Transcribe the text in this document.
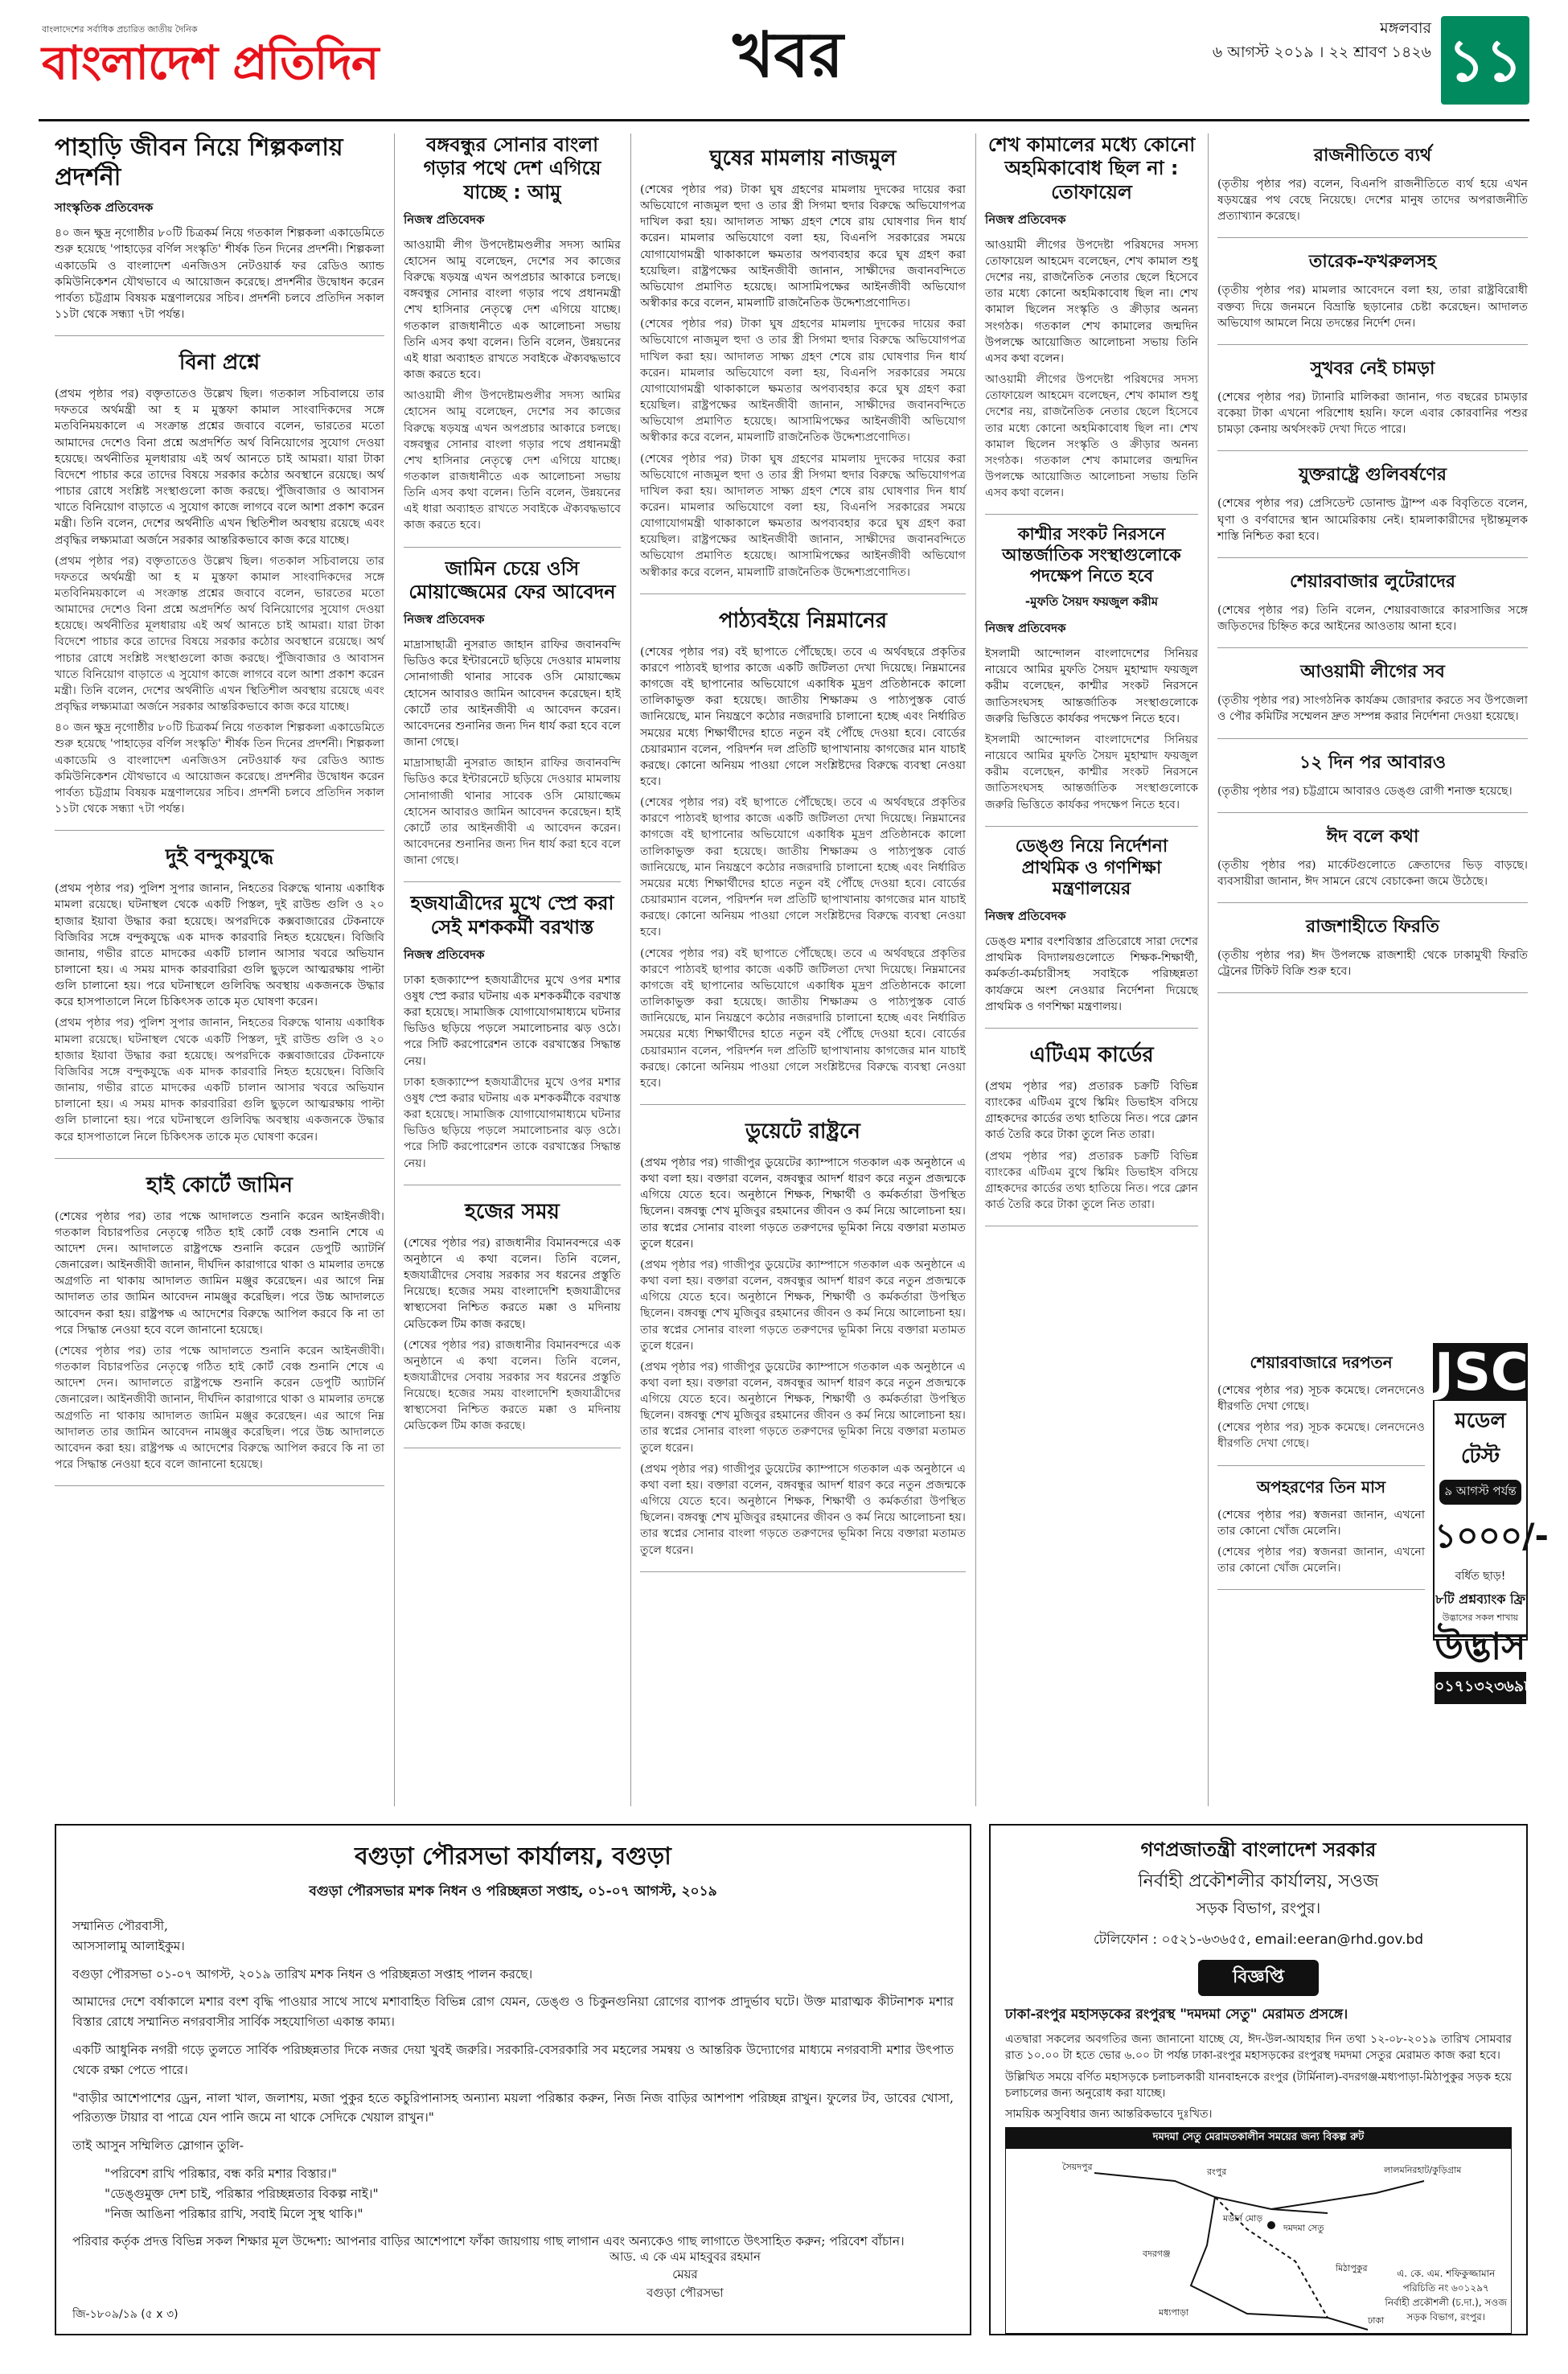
বাংলাদেশের সর্বাধিক প্রচারিত জাতীয় দৈনিক
বাংলাদেশ প্রতিদিন	খবর	মঙ্গলবার
৬ আগস্ট ২০১৯ । ২২ শ্রাবণ ১৪২৬ ১১
পাহাড়ি জীবন নিয়ে শিল্পকলায় প্রদর্শনী
সাংস্কৃতিক প্রতিবেদক

৪০ জন ক্ষুদ্র নৃগোষ্ঠীর ৮০টি চিত্রকর্ম নিয়ে গতকাল শিল্পকলা একাডেমিতে শুরু হয়েছে 'পাহাড়ের বর্ণিল সংস্কৃতি' শীর্ষক তিন দিনের প্রদর্শনী। শিল্পকলা একাডেমি ও বাংলাদেশ এনজিওস নেটওয়ার্ক ফর রেডিও অ্যান্ড কমিউনিকেশন যৌথভাবে এ আয়োজন করেছে। প্রদর্শনীর উদ্বোধন করেন পার্বত্য চট্টগ্রাম বিষয়ক মন্ত্রণালয়ের সচিব। প্রদর্শনী চলবে প্রতিদিন সকাল ১১টা থেকে সন্ধ্যা ৭টা পর্যন্ত।

বিনা প্রশ্নে

(প্রথম পৃষ্ঠার পর) বক্তৃতাতেও উল্লেখ ছিল। গতকাল সচিবালয়ে তার দফতরে অর্থমন্ত্রী আ হ ম মুস্তফা কামাল সাংবাদিকদের সঙ্গে মতবিনিময়কালে এ সংক্রান্ত প্রশ্নের জবাবে বলেন, ভারতের মতো আমাদের দেশেও বিনা প্রশ্নে অপ্রদর্শিত অর্থ বিনিয়োগের সুযোগ দেওয়া হয়েছে। অর্থনীতির মূলধারায় এই অর্থ আনতে চাই আমরা। যারা টাকা বিদেশে পাচার করে তাদের বিষয়ে সরকার কঠোর অবস্থানে রয়েছে। অর্থ পাচার রোধে সংশ্লিষ্ট সংস্থাগুলো কাজ করছে। পুঁজিবাজার ও আবাসন খাতে বিনিয়োগ বাড়াতে এ সুযোগ কাজে লাগবে বলে আশা প্রকাশ করেন মন্ত্রী। তিনি বলেন, দেশের অর্থনীতি এখন স্থিতিশীল অবস্থায় রয়েছে এবং প্রবৃদ্ধির লক্ষ্যমাত্রা অর্জনে সরকার আন্তরিকভাবে কাজ করে যাচ্ছে।

(প্রথম পৃষ্ঠার পর) বক্তৃতাতেও উল্লেখ ছিল। গতকাল সচিবালয়ে তার দফতরে অর্থমন্ত্রী আ হ ম মুস্তফা কামাল সাংবাদিকদের সঙ্গে মতবিনিময়কালে এ সংক্রান্ত প্রশ্নের জবাবে বলেন, ভারতের মতো আমাদের দেশেও বিনা প্রশ্নে অপ্রদর্শিত অর্থ বিনিয়োগের সুযোগ দেওয়া হয়েছে। অর্থনীতির মূলধারায় এই অর্থ আনতে চাই আমরা। যারা টাকা বিদেশে পাচার করে তাদের বিষয়ে সরকার কঠোর অবস্থানে রয়েছে। অর্থ পাচার রোধে সংশ্লিষ্ট সংস্থাগুলো কাজ করছে। পুঁজিবাজার ও আবাসন খাতে বিনিয়োগ বাড়াতে এ সুযোগ কাজে লাগবে বলে আশা প্রকাশ করেন মন্ত্রী। তিনি বলেন, দেশের অর্থনীতি এখন স্থিতিশীল অবস্থায় রয়েছে এবং প্রবৃদ্ধির লক্ষ্যমাত্রা অর্জনে সরকার আন্তরিকভাবে কাজ করে যাচ্ছে।

৪০ জন ক্ষুদ্র নৃগোষ্ঠীর ৮০টি চিত্রকর্ম নিয়ে গতকাল শিল্পকলা একাডেমিতে শুরু হয়েছে 'পাহাড়ের বর্ণিল সংস্কৃতি' শীর্ষক তিন দিনের প্রদর্শনী। শিল্পকলা একাডেমি ও বাংলাদেশ এনজিওস নেটওয়ার্ক ফর রেডিও অ্যান্ড কমিউনিকেশন যৌথভাবে এ আয়োজন করেছে। প্রদর্শনীর উদ্বোধন করেন পার্বত্য চট্টগ্রাম বিষয়ক মন্ত্রণালয়ের সচিব। প্রদর্শনী চলবে প্রতিদিন সকাল ১১টা থেকে সন্ধ্যা ৭টা পর্যন্ত।

দুই বন্দুকযুদ্ধে

(প্রথম পৃষ্ঠার পর) পুলিশ সুপার জানান, নিহতের বিরুদ্ধে থানায় একাধিক মামলা রয়েছে। ঘটনাস্থল থেকে একটি পিস্তল, দুই রাউন্ড গুলি ও ২০ হাজার ইয়াবা উদ্ধার করা হয়েছে। অপরদিকে কক্সবাজারের টেকনাফে বিজিবির সঙ্গে বন্দুকযুদ্ধে এক মাদক কারবারি নিহত হয়েছেন। বিজিবি জানায়, গভীর রাতে মাদকের একটি চালান আসার খবরে অভিযান চালানো হয়। এ সময় মাদক কারবারিরা গুলি ছুড়লে আত্মরক্ষায় পাল্টা গুলি চালানো হয়। পরে ঘটনাস্থলে গুলিবিদ্ধ অবস্থায় একজনকে উদ্ধার করে হাসপাতালে নিলে চিকিৎসক তাকে মৃত ঘোষণা করেন।

(প্রথম পৃষ্ঠার পর) পুলিশ সুপার জানান, নিহতের বিরুদ্ধে থানায় একাধিক মামলা রয়েছে। ঘটনাস্থল থেকে একটি পিস্তল, দুই রাউন্ড গুলি ও ২০ হাজার ইয়াবা উদ্ধার করা হয়েছে। অপরদিকে কক্সবাজারের টেকনাফে বিজিবির সঙ্গে বন্দুকযুদ্ধে এক মাদক কারবারি নিহত হয়েছেন। বিজিবি জানায়, গভীর রাতে মাদকের একটি চালান আসার খবরে অভিযান চালানো হয়। এ সময় মাদক কারবারিরা গুলি ছুড়লে আত্মরক্ষায় পাল্টা গুলি চালানো হয়। পরে ঘটনাস্থলে গুলিবিদ্ধ অবস্থায় একজনকে উদ্ধার করে হাসপাতালে নিলে চিকিৎসক তাকে মৃত ঘোষণা করেন।

হাই কোর্টে জামিন

(শেষের পৃষ্ঠার পর) তার পক্ষে আদালতে শুনানি করেন আইনজীবী। গতকাল বিচারপতির নেতৃত্বে গঠিত হাই কোর্ট বেঞ্চ শুনানি শেষে এ আদেশ দেন। আদালতে রাষ্ট্রপক্ষে শুনানি করেন ডেপুটি অ্যাটর্নি জেনারেল। আইনজীবী জানান, দীর্ঘদিন কারাগারে থাকা ও মামলার তদন্তে অগ্রগতি না থাকায় আদালত জামিন মঞ্জুর করেছেন। এর আগে নিম্ন আদালত তার জামিন আবেদন নামঞ্জুর করেছিল। পরে উচ্চ আদালতে আবেদন করা হয়। রাষ্ট্রপক্ষ এ আদেশের বিরুদ্ধে আপিল করবে কি না তা পরে সিদ্ধান্ত নেওয়া হবে বলে জানানো হয়েছে।

(শেষের পৃষ্ঠার পর) তার পক্ষে আদালতে শুনানি করেন আইনজীবী। গতকাল বিচারপতির নেতৃত্বে গঠিত হাই কোর্ট বেঞ্চ শুনানি শেষে এ আদেশ দেন। আদালতে রাষ্ট্রপক্ষে শুনানি করেন ডেপুটি অ্যাটর্নি জেনারেল। আইনজীবী জানান, দীর্ঘদিন কারাগারে থাকা ও মামলার তদন্তে অগ্রগতি না থাকায় আদালত জামিন মঞ্জুর করেছেন। এর আগে নিম্ন আদালত তার জামিন আবেদন নামঞ্জুর করেছিল। পরে উচ্চ আদালতে আবেদন করা হয়। রাষ্ট্রপক্ষ এ আদেশের বিরুদ্ধে আপিল করবে কি না তা পরে সিদ্ধান্ত নেওয়া হবে বলে জানানো হয়েছে।

বঙ্গবন্ধুর সোনার বাংলা গড়ার পথে দেশ এগিয়ে যাচ্ছে : আমু
নিজস্ব প্রতিবেদক

আওয়ামী লীগ উপদেষ্টামণ্ডলীর সদস্য আমির হোসেন আমু বলেছেন, দেশের সব কাজের বিরুদ্ধে ষড়যন্ত্র এখন অপপ্রচার আকারে চলছে। বঙ্গবন্ধুর সোনার বাংলা গড়ার পথে প্রধানমন্ত্রী শেখ হাসিনার নেতৃত্বে দেশ এগিয়ে যাচ্ছে। গতকাল রাজধানীতে এক আলোচনা সভায় তিনি এসব কথা বলেন। তিনি বলেন, উন্নয়নের এই ধারা অব্যাহত রাখতে সবাইকে ঐক্যবদ্ধভাবে কাজ করতে হবে।

আওয়ামী লীগ উপদেষ্টামণ্ডলীর সদস্য আমির হোসেন আমু বলেছেন, দেশের সব কাজের বিরুদ্ধে ষড়যন্ত্র এখন অপপ্রচার আকারে চলছে। বঙ্গবন্ধুর সোনার বাংলা গড়ার পথে প্রধানমন্ত্রী শেখ হাসিনার নেতৃত্বে দেশ এগিয়ে যাচ্ছে। গতকাল রাজধানীতে এক আলোচনা সভায় তিনি এসব কথা বলেন। তিনি বলেন, উন্নয়নের এই ধারা অব্যাহত রাখতে সবাইকে ঐক্যবদ্ধভাবে কাজ করতে হবে।

জামিন চেয়ে ওসি মোয়াজ্জেমের ফের আবেদন
নিজস্ব প্রতিবেদক

মাদ্রাসাছাত্রী নুসরাত জাহান রাফির জবানবন্দি ভিডিও করে ইন্টারনেটে ছড়িয়ে দেওয়ার মামলায় সোনাগাজী থানার সাবেক ওসি মোয়াজ্জেম হোসেন আবারও জামিন আবেদন করেছেন। হাই কোর্টে তার আইনজীবী এ আবেদন করেন। আবেদনের শুনানির জন্য দিন ধার্য করা হবে বলে জানা গেছে।

মাদ্রাসাছাত্রী নুসরাত জাহান রাফির জবানবন্দি ভিডিও করে ইন্টারনেটে ছড়িয়ে দেওয়ার মামলায় সোনাগাজী থানার সাবেক ওসি মোয়াজ্জেম হোসেন আবারও জামিন আবেদন করেছেন। হাই কোর্টে তার আইনজীবী এ আবেদন করেন। আবেদনের শুনানির জন্য দিন ধার্য করা হবে বলে জানা গেছে।

হজযাত্রীদের মুখে স্প্রে করা সেই মশককর্মী বরখাস্ত
নিজস্ব প্রতিবেদক

ঢাকা হজক্যাম্পে হজযাত্রীদের মুখে ওপর মশার ওষুধ স্প্রে করার ঘটনায় এক মশককর্মীকে বরখাস্ত করা হয়েছে। সামাজিক যোগাযোগমাধ্যমে ঘটনার ভিডিও ছড়িয়ে পড়লে সমালোচনার ঝড় ওঠে। পরে সিটি করপোরেশন তাকে বরখাস্তের সিদ্ধান্ত নেয়।

ঢাকা হজক্যাম্পে হজযাত্রীদের মুখে ওপর মশার ওষুধ স্প্রে করার ঘটনায় এক মশককর্মীকে বরখাস্ত করা হয়েছে। সামাজিক যোগাযোগমাধ্যমে ঘটনার ভিডিও ছড়িয়ে পড়লে সমালোচনার ঝড় ওঠে। পরে সিটি করপোরেশন তাকে বরখাস্তের সিদ্ধান্ত নেয়।

হজের সময়

(শেষের পৃষ্ঠার পর) রাজধানীর বিমানবন্দরে এক অনুষ্ঠানে এ কথা বলেন। তিনি বলেন, হজযাত্রীদের সেবায় সরকার সব ধরনের প্রস্তুতি নিয়েছে। হজের সময় বাংলাদেশি হজযাত্রীদের স্বাস্থ্যসেবা নিশ্চিত করতে মক্কা ও মদিনায় মেডিকেল টিম কাজ করছে।

(শেষের পৃষ্ঠার পর) রাজধানীর বিমানবন্দরে এক অনুষ্ঠানে এ কথা বলেন। তিনি বলেন, হজযাত্রীদের সেবায় সরকার সব ধরনের প্রস্তুতি নিয়েছে। হজের সময় বাংলাদেশি হজযাত্রীদের স্বাস্থ্যসেবা নিশ্চিত করতে মক্কা ও মদিনায় মেডিকেল টিম কাজ করছে।

ঘুষের মামলায় নাজমুল

(শেষের পৃষ্ঠার পর) টাকা ঘুষ গ্রহণের মামলায় দুদকের দায়ের করা অভিযোগে নাজমুল হুদা ও তার স্ত্রী সিগমা হুদার বিরুদ্ধে অভিযোগপত্র দাখিল করা হয়। আদালত সাক্ষ্য গ্রহণ শেষে রায় ঘোষণার দিন ধার্য করেন। মামলার অভিযোগে বলা হয়, বিএনপি সরকারের সময়ে যোগাযোগমন্ত্রী থাকাকালে ক্ষমতার অপব্যবহার করে ঘুষ গ্রহণ করা হয়েছিল। রাষ্ট্রপক্ষের আইনজীবী জানান, সাক্ষীদের জবানবন্দিতে অভিযোগ প্রমাণিত হয়েছে। আসামিপক্ষের আইনজীবী অভিযোগ অস্বীকার করে বলেন, মামলাটি রাজনৈতিক উদ্দেশ্যপ্রণোদিত।

(শেষের পৃষ্ঠার পর) টাকা ঘুষ গ্রহণের মামলায় দুদকের দায়ের করা অভিযোগে নাজমুল হুদা ও তার স্ত্রী সিগমা হুদার বিরুদ্ধে অভিযোগপত্র দাখিল করা হয়। আদালত সাক্ষ্য গ্রহণ শেষে রায় ঘোষণার দিন ধার্য করেন। মামলার অভিযোগে বলা হয়, বিএনপি সরকারের সময়ে যোগাযোগমন্ত্রী থাকাকালে ক্ষমতার অপব্যবহার করে ঘুষ গ্রহণ করা হয়েছিল। রাষ্ট্রপক্ষের আইনজীবী জানান, সাক্ষীদের জবানবন্দিতে অভিযোগ প্রমাণিত হয়েছে। আসামিপক্ষের আইনজীবী অভিযোগ অস্বীকার করে বলেন, মামলাটি রাজনৈতিক উদ্দেশ্যপ্রণোদিত।

(শেষের পৃষ্ঠার পর) টাকা ঘুষ গ্রহণের মামলায় দুদকের দায়ের করা অভিযোগে নাজমুল হুদা ও তার স্ত্রী সিগমা হুদার বিরুদ্ধে অভিযোগপত্র দাখিল করা হয়। আদালত সাক্ষ্য গ্রহণ শেষে রায় ঘোষণার দিন ধার্য করেন। মামলার অভিযোগে বলা হয়, বিএনপি সরকারের সময়ে যোগাযোগমন্ত্রী থাকাকালে ক্ষমতার অপব্যবহার করে ঘুষ গ্রহণ করা হয়েছিল। রাষ্ট্রপক্ষের আইনজীবী জানান, সাক্ষীদের জবানবন্দিতে অভিযোগ প্রমাণিত হয়েছে। আসামিপক্ষের আইনজীবী অভিযোগ অস্বীকার করে বলেন, মামলাটি রাজনৈতিক উদ্দেশ্যপ্রণোদিত।

পাঠ্যবইয়ে নিম্নমানের

(শেষের পৃষ্ঠার পর) বই ছাপাতে পৌঁছেছে। তবে এ অর্থবছরে প্রকৃতির কারণে পাঠ্যবই ছাপার কাজে একটি জটিলতা দেখা দিয়েছে। নিম্নমানের কাগজে বই ছাপানোর অভিযোগে একাধিক মুদ্রণ প্রতিষ্ঠানকে কালো তালিকাভুক্ত করা হয়েছে। জাতীয় শিক্ষাক্রম ও পাঠ্যপুস্তক বোর্ড জানিয়েছে, মান নিয়ন্ত্রণে কঠোর নজরদারি চালানো হচ্ছে এবং নির্ধারিত সময়ের মধ্যে শিক্ষার্থীদের হাতে নতুন বই পৌঁছে দেওয়া হবে। বোর্ডের চেয়ারম্যান বলেন, পরিদর্শন দল প্রতিটি ছাপাখানায় কাগজের মান যাচাই করছে। কোনো অনিয়ম পাওয়া গেলে সংশ্লিষ্টদের বিরুদ্ধে ব্যবস্থা নেওয়া হবে।

(শেষের পৃষ্ঠার পর) বই ছাপাতে পৌঁছেছে। তবে এ অর্থবছরে প্রকৃতির কারণে পাঠ্যবই ছাপার কাজে একটি জটিলতা দেখা দিয়েছে। নিম্নমানের কাগজে বই ছাপানোর অভিযোগে একাধিক মুদ্রণ প্রতিষ্ঠানকে কালো তালিকাভুক্ত করা হয়েছে। জাতীয় শিক্ষাক্রম ও পাঠ্যপুস্তক বোর্ড জানিয়েছে, মান নিয়ন্ত্রণে কঠোর নজরদারি চালানো হচ্ছে এবং নির্ধারিত সময়ের মধ্যে শিক্ষার্থীদের হাতে নতুন বই পৌঁছে দেওয়া হবে। বোর্ডের চেয়ারম্যান বলেন, পরিদর্শন দল প্রতিটি ছাপাখানায় কাগজের মান যাচাই করছে। কোনো অনিয়ম পাওয়া গেলে সংশ্লিষ্টদের বিরুদ্ধে ব্যবস্থা নেওয়া হবে।

(শেষের পৃষ্ঠার পর) বই ছাপাতে পৌঁছেছে। তবে এ অর্থবছরে প্রকৃতির কারণে পাঠ্যবই ছাপার কাজে একটি জটিলতা দেখা দিয়েছে। নিম্নমানের কাগজে বই ছাপানোর অভিযোগে একাধিক মুদ্রণ প্রতিষ্ঠানকে কালো তালিকাভুক্ত করা হয়েছে। জাতীয় শিক্ষাক্রম ও পাঠ্যপুস্তক বোর্ড জানিয়েছে, মান নিয়ন্ত্রণে কঠোর নজরদারি চালানো হচ্ছে এবং নির্ধারিত সময়ের মধ্যে শিক্ষার্থীদের হাতে নতুন বই পৌঁছে দেওয়া হবে। বোর্ডের চেয়ারম্যান বলেন, পরিদর্শন দল প্রতিটি ছাপাখানায় কাগজের মান যাচাই করছে। কোনো অনিয়ম পাওয়া গেলে সংশ্লিষ্টদের বিরুদ্ধে ব্যবস্থা নেওয়া হবে।

ডুয়েটে রাষ্ট্রনে

(প্রথম পৃষ্ঠার পর) গাজীপুর ডুয়েটের ক্যাম্পাসে গতকাল এক অনুষ্ঠানে এ কথা বলা হয়। বক্তারা বলেন, বঙ্গবন্ধুর আদর্শ ধারণ করে নতুন প্রজন্মকে এগিয়ে যেতে হবে। অনুষ্ঠানে শিক্ষক, শিক্ষার্থী ও কর্মকর্তারা উপস্থিত ছিলেন। বঙ্গবন্ধু শেখ মুজিবুর রহমানের জীবন ও কর্ম নিয়ে আলোচনা হয়। তার স্বপ্নের সোনার বাংলা গড়তে তরুণদের ভূমিকা নিয়ে বক্তারা মতামত তুলে ধরেন।

(প্রথম পৃষ্ঠার পর) গাজীপুর ডুয়েটের ক্যাম্পাসে গতকাল এক অনুষ্ঠানে এ কথা বলা হয়। বক্তারা বলেন, বঙ্গবন্ধুর আদর্শ ধারণ করে নতুন প্রজন্মকে এগিয়ে যেতে হবে। অনুষ্ঠানে শিক্ষক, শিক্ষার্থী ও কর্মকর্তারা উপস্থিত ছিলেন। বঙ্গবন্ধু শেখ মুজিবুর রহমানের জীবন ও কর্ম নিয়ে আলোচনা হয়। তার স্বপ্নের সোনার বাংলা গড়তে তরুণদের ভূমিকা নিয়ে বক্তারা মতামত তুলে ধরেন।

(প্রথম পৃষ্ঠার পর) গাজীপুর ডুয়েটের ক্যাম্পাসে গতকাল এক অনুষ্ঠানে এ কথা বলা হয়। বক্তারা বলেন, বঙ্গবন্ধুর আদর্শ ধারণ করে নতুন প্রজন্মকে এগিয়ে যেতে হবে। অনুষ্ঠানে শিক্ষক, শিক্ষার্থী ও কর্মকর্তারা উপস্থিত ছিলেন। বঙ্গবন্ধু শেখ মুজিবুর রহমানের জীবন ও কর্ম নিয়ে আলোচনা হয়। তার স্বপ্নের সোনার বাংলা গড়তে তরুণদের ভূমিকা নিয়ে বক্তারা মতামত তুলে ধরেন।

(প্রথম পৃষ্ঠার পর) গাজীপুর ডুয়েটের ক্যাম্পাসে গতকাল এক অনুষ্ঠানে এ কথা বলা হয়। বক্তারা বলেন, বঙ্গবন্ধুর আদর্শ ধারণ করে নতুন প্রজন্মকে এগিয়ে যেতে হবে। অনুষ্ঠানে শিক্ষক, শিক্ষার্থী ও কর্মকর্তারা উপস্থিত ছিলেন। বঙ্গবন্ধু শেখ মুজিবুর রহমানের জীবন ও কর্ম নিয়ে আলোচনা হয়। তার স্বপ্নের সোনার বাংলা গড়তে তরুণদের ভূমিকা নিয়ে বক্তারা মতামত তুলে ধরেন।

শেখ কামালের মধ্যে কোনো অহমিকাবোধ ছিল না : তোফায়েল
নিজস্ব প্রতিবেদক

আওয়ামী লীগের উপদেষ্টা পরিষদের সদস্য তোফায়েল আহমেদ বলেছেন, শেখ কামাল শুধু দেশের নয়, রাজনৈতিক নেতার ছেলে হিসেবে তার মধ্যে কোনো অহমিকাবোধ ছিল না। শেখ কামাল ছিলেন সংস্কৃতি ও ক্রীড়ার অনন্য সংগঠক। গতকাল শেখ কামালের জন্মদিন উপলক্ষে আয়োজিত আলোচনা সভায় তিনি এসব কথা বলেন।

আওয়ামী লীগের উপদেষ্টা পরিষদের সদস্য তোফায়েল আহমেদ বলেছেন, শেখ কামাল শুধু দেশের নয়, রাজনৈতিক নেতার ছেলে হিসেবে তার মধ্যে কোনো অহমিকাবোধ ছিল না। শেখ কামাল ছিলেন সংস্কৃতি ও ক্রীড়ার অনন্য সংগঠক। গতকাল শেখ কামালের জন্মদিন উপলক্ষে আয়োজিত আলোচনা সভায় তিনি এসব কথা বলেন।

কাশ্মীর সংকট নিরসনে আন্তর্জাতিক সংস্থাগুলোকে পদক্ষেপ নিতে হবে
-মুফতি সৈয়দ ফয়জুল করীম
নিজস্ব প্রতিবেদক

ইসলামী আন্দোলন বাংলাদেশের সিনিয়র নায়েবে আমির মুফতি সৈয়দ মুহাম্মাদ ফয়জুল করীম বলেছেন, কাশ্মীর সংকট নিরসনে জাতিসংঘসহ আন্তর্জাতিক সংস্থাগুলোকে জরুরি ভিত্তিতে কার্যকর পদক্ষেপ নিতে হবে।

ইসলামী আন্দোলন বাংলাদেশের সিনিয়র নায়েবে আমির মুফতি সৈয়দ মুহাম্মাদ ফয়জুল করীম বলেছেন, কাশ্মীর সংকট নিরসনে জাতিসংঘসহ আন্তর্জাতিক সংস্থাগুলোকে জরুরি ভিত্তিতে কার্যকর পদক্ষেপ নিতে হবে।

ডেঙ্গু নিয়ে নির্দেশনা প্রাথমিক ও গণশিক্ষা মন্ত্রণালয়ের
নিজস্ব প্রতিবেদক

ডেঙ্গু মশার বংশবিস্তার প্রতিরোধে সারা দেশের প্রাথমিক বিদ্যালয়গুলোতে শিক্ষক-শিক্ষার্থী, কর্মকর্তা-কর্মচারীসহ সবাইকে পরিচ্ছন্নতা কার্যক্রমে অংশ নেওয়ার নির্দেশনা দিয়েছে প্রাথমিক ও গণশিক্ষা মন্ত্রণালয়।

এটিএম কার্ডের

(প্রথম পৃষ্ঠার পর) প্রতারক চক্রটি বিভিন্ন ব্যাংকের এটিএম বুথে স্কিমিং ডিভাইস বসিয়ে গ্রাহকদের কার্ডের তথ্য হাতিয়ে নিত। পরে ক্লোন কার্ড তৈরি করে টাকা তুলে নিত তারা।

(প্রথম পৃষ্ঠার পর) প্রতারক চক্রটি বিভিন্ন ব্যাংকের এটিএম বুথে স্কিমিং ডিভাইস বসিয়ে গ্রাহকদের কার্ডের তথ্য হাতিয়ে নিত। পরে ক্লোন কার্ড তৈরি করে টাকা তুলে নিত তারা।

রাজনীতিতে ব্যর্থ

(তৃতীয় পৃষ্ঠার পর) বলেন, বিএনপি রাজনীতিতে ব্যর্থ হয়ে এখন ষড়যন্ত্রের পথ বেছে নিয়েছে। দেশের মানুষ তাদের অপরাজনীতি প্রত্যাখ্যান করেছে।

তারেক-ফখরুলসহ

(তৃতীয় পৃষ্ঠার পর) মামলার আবেদনে বলা হয়, তারা রাষ্ট্রবিরোধী বক্তব্য দিয়ে জনমনে বিভ্রান্তি ছড়ানোর চেষ্টা করেছেন। আদালত অভিযোগ আমলে নিয়ে তদন্তের নির্দেশ দেন।

সুখবর নেই চামড়া

(শেষের পৃষ্ঠার পর) ট্যানারি মালিকরা জানান, গত বছরের চামড়ার বকেয়া টাকা এখনো পরিশোধ হয়নি। ফলে এবার কোরবানির পশুর চামড়া কেনায় অর্থসংকট দেখা দিতে পারে।

যুক্তরাষ্ট্রে গুলিবর্ষণের

(শেষের পৃষ্ঠার পর) প্রেসিডেন্ট ডোনাল্ড ট্রাম্প এক বিবৃতিতে বলেন, ঘৃণা ও বর্ণবাদের স্থান আমেরিকায় নেই। হামলাকারীদের দৃষ্টান্তমূলক শাস্তি নিশ্চিত করা হবে।

শেয়ারবাজার লুটেরাদের

(শেষের পৃষ্ঠার পর) তিনি বলেন, শেয়ারবাজারে কারসাজির সঙ্গে জড়িতদের চিহ্নিত করে আইনের আওতায় আনা হবে।

আওয়ামী লীগের সব

(তৃতীয় পৃষ্ঠার পর) সাংগঠনিক কার্যক্রম জোরদার করতে সব উপজেলা ও পৌর কমিটির সম্মেলন দ্রুত সম্পন্ন করার নির্দেশনা দেওয়া হয়েছে।

১২ দিন পর আবারও

(তৃতীয় পৃষ্ঠার পর) চট্টগ্রামে আবারও ডেঙ্গু রোগী শনাক্ত হয়েছে।

ঈদ বলে কথা

(তৃতীয় পৃষ্ঠার পর) মার্কেটগুলোতে ক্রেতাদের ভিড় বাড়ছে। ব্যবসায়ীরা জানান, ঈদ সামনে রেখে বেচাকেনা জমে উঠেছে।

রাজশাহীতে ফিরতি

(তৃতীয় পৃষ্ঠার পর) ঈদ উপলক্ষে রাজশাহী থেকে ঢাকামুখী ফিরতি ট্রেনের টিকিট বিক্রি শুরু হবে।

শেয়ারবাজারে দরপতন

(শেষের পৃষ্ঠার পর) সূচক কমেছে। লেনদেনেও ধীরগতি দেখা গেছে।

(শেষের পৃষ্ঠার পর) সূচক কমেছে। লেনদেনেও ধীরগতি দেখা গেছে।

অপহরণের তিন মাস

(শেষের পৃষ্ঠার পর) স্বজনরা জানান, এখনো তার কোনো খোঁজ মেলেনি।

(শেষের পৃষ্ঠার পর) স্বজনরা জানান, এখনো তার কোনো খোঁজ মেলেনি।

JSC
মডেল টেস্ট
৯ আগস্ট পর্যন্ত
১০০০/-
বর্ধিত ছাড়!
৮টি প্রশ্নব্যাংক ফ্রি
উদ্ভাসের সকল শাখায়
উদ্ভাস
০১৭১৩২৩৬৯৮০
বগুড়া পৌরসভা কার্যালয়, বগুড়া
বগুড়া পৌরসভার মশক নিধন ও পরিচ্ছন্নতা সপ্তাহ, ০১-০৭ আগস্ট, ২০১৯

সম্মানিত পৌরবাসী,
আসসালামু আলাইকুম।

বগুড়া পৌরসভা ০১-০৭ আগস্ট, ২০১৯ তারিখ মশক নিধন ও পরিচ্ছন্নতা সপ্তাহ পালন করছে।

আমাদের দেশে বর্ষাকালে মশার বংশ বৃদ্ধি পাওয়ার সাথে সাথে মশাবাহিত বিভিন্ন রোগ যেমন, ডেঙ্গু ও চিকুনগুনিয়া রোগের ব্যাপক প্রাদুর্ভাব ঘটে। উক্ত মারাত্মক কীটনাশক মশার বিস্তার রোধে সম্মানিত নগরবাসীর সার্বিক সহযোগিতা একান্ত কাম্য।

একটি আধুনিক নগরী গড়ে তুলতে সার্বিক পরিচ্ছন্নতার দিকে নজর দেয়া খুবই জরুরি। সরকারি-বেসরকারি সব মহলের সমন্বয় ও আন্তরিক উদ্যোগের মাধ্যমে নগরবাসী মশার উৎপাত থেকে রক্ষা পেতে পারে।

"বাড়ীর আশেপাশের ড্রেন, নালা খাল, জলাশয়, মজা পুকুর হতে কচুরিপানাসহ অন্যান্য ময়লা পরিষ্কার করুন, নিজ নিজ বাড়ির আশপাশ পরিচ্ছন্ন রাখুন। ফুলের টব, ডাবের খোসা, পরিত্যক্ত টায়ার বা পাত্রে যেন পানি জমে না থাকে সেদিকে খেয়াল রাখুন।"

তাই আসুন সম্মিলিত স্লোগান তুলি-

"পরিবেশ রাখি পরিষ্কার, বন্ধ করি মশার বিস্তার।"
"ডেঙ্গুমুক্ত দেশ চাই, পরিষ্কার পরিচ্ছন্নতার বিকল্প নাই।"
"নিজ আঙিনা পরিষ্কার রাখি, সবাই মিলে সুস্থ থাকি।"

পরিবার কর্তৃক প্রদত্ত বিভিন্ন সকল শিক্ষার মূল উদ্দেশ্য: আপনার বাড়ির আশেপাশে ফাঁকা জায়গায় গাছ লাগান এবং অন্যকেও গাছ লাগাতে উৎসাহিত করুন; পরিবেশ বাঁচান।

আড. এ কে এম মাহবুবর রহমান
মেয়র
বগুড়া পৌরসভা
জি-১৮০৯/১৯ (৫ x ৩)
গণপ্রজাতন্ত্রী বাংলাদেশ সরকার
নির্বাহী প্রকৌশলীর কার্যালয়, সওজ
সড়ক বিভাগ, রংপুর।
টেলিফোন : ০৫২১-৬৩৬৫৫, email:eeran@rhd.gov.bd
বিজ্ঞপ্তি
ঢাকা-রংপুর মহাসড়কের রংপুরস্থ "দমদমা সেতু" মেরামত প্রসঙ্গে।

এতদ্বারা সকলের অবগতির জন্য জানানো যাচ্ছে যে, ঈদ-উল-আযহার দিন তথা ১২-০৮-২০১৯ তারিখ সোমবার রাত ১০.০০ টা হতে ভোর ৬.০০ টা পর্যন্ত ঢাকা-রংপুর মহাসড়কের রংপুরস্থ দমদমা সেতুর মেরামত কাজ করা হবে।

উল্লিখিত সময়ে বর্ণিত মহাসড়কে চলাচলকারী যানবাহনকে রংপুর (টার্মিনাল)-বদরগঞ্জ-মধ্যপাড়া-মিঠাপুকুর সড়ক হয়ে চলাচলের জন্য অনুরোধ করা যাচ্ছে।

সাময়িক অসুবিধার জন্য আন্তরিকভাবে দুঃখিত।

দমদমা সেতু মেরামতকালীন সময়ের জন্য বিকল্প রুট
সৈয়দপুর	রংপুর	লালমনিরহাট/কুড়িগ্রাম
মডার্ন মোড়
দমদমা সেতু
বদরগঞ্জ
মিঠাপুকুর
মধ্যপাড়া
ঢাকা
এ. কে. এম. শফিকুজ্জামান
পরিচিতি নং ৬০১২৯৭
নির্বাহী প্রকৌশলী (চ.দা.), সওজ
সড়ক বিভাগ, রংপুর।
